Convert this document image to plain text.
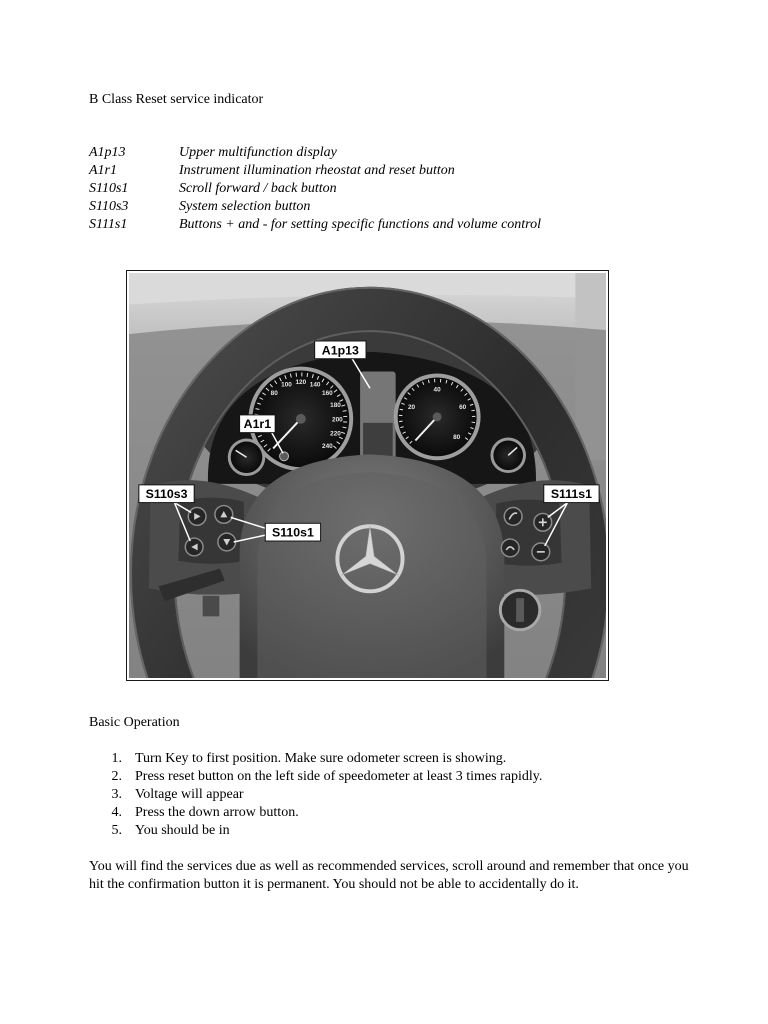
B Class Reset service indicator
A1p13	Upper multifunction display
A1r1	Instrument illumination rheostat and reset button
S110s1	Scroll forward / back button
S110s3	System selection button
S111s1	Buttons + and - for setting specific functions and volume control
80
100 120 140
160
180
200
220
240
20
40
60
80
A1p13
A1r1
S110s3
S110s1
S111s1
Basic Operation
1. Turn Key to first position. Make sure odometer screen is showing.
2. Press reset button on the left side of speedometer at least 3 times rapidly.
3. Voltage will appear
4. Press the down arrow button.
5. You should be in
You will find the services due as well as recommended services, scroll around and remember that once you hit the confirmation button it is permanent. You should not be able to accidentally do it.
